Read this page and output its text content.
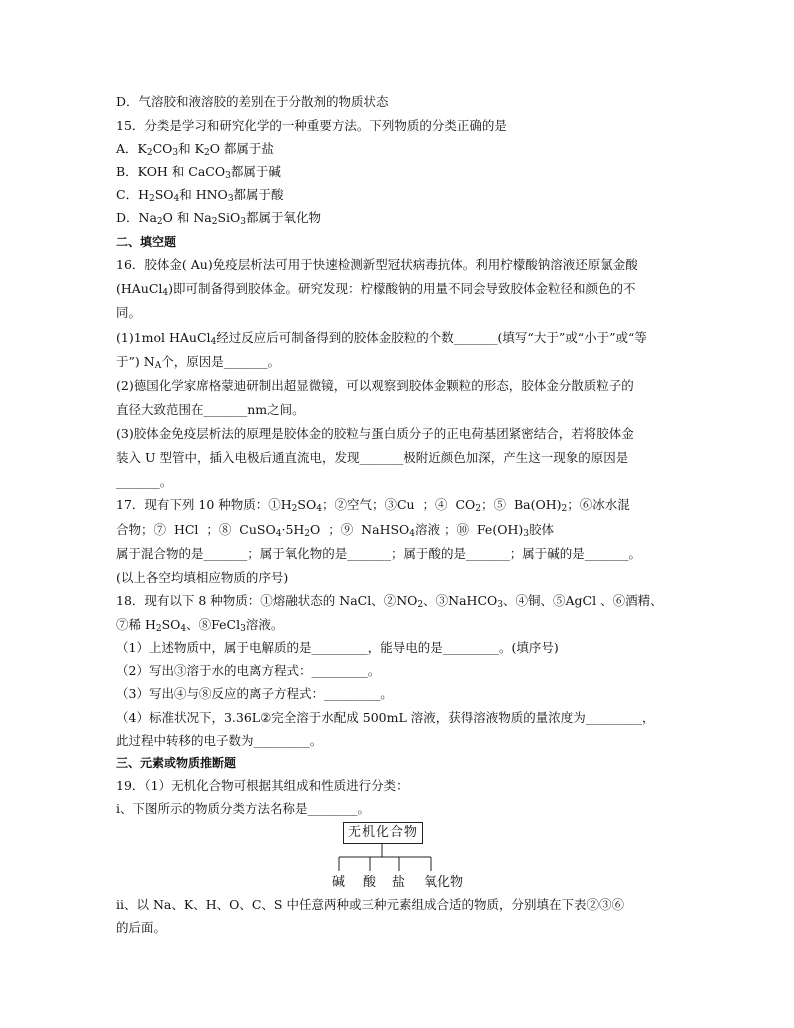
D．气溶胶和液溶胶的差别在于分散剂的物质状态
15．分类是学习和研究化学的一种重要方法。下列物质的分类正确的是
A．$K_2CO_3$和 $K_2O$ 都属于盐
B．KOH 和 CaCO$_3$都属于碱
C．$H_2SO_4$和 $HNO_3$都属于酸
D．$Na_2O$ 和 $Na_2SiO_3$都属于氧化物
二、填空题
16．胶体金( Au)免疫层析法可用于快速检测新型冠状病毒抗体。利用柠檬酸钠溶液还原氯金酸
(HAuCl$_4$)即可制备得到胶体金。研究发现：柠檬酸钠的用量不同会导致胶体金粒径和颜色的不
同。
(1)1mol HAuCl$_4$经过反应后可制备得到的胶体金胶粒的个数_______(填写“大于”或“小于”或“等
于”) $N_A$个，原因是_______。
(2)德国化学家席格蒙迪研制出超显微镜，可以观察到胶体金颗粒的形态，胶体金分散质粒子的
直径大致范围在_______nm之间。
(3)胶体金免疫层析法的原理是胶体金的胶粒与蛋白质分子的正电荷基团紧密结合，若将胶体金
装入 U 型管中，插入电极后通直流电，发现_______极附近颜色加深，产生这一现象的原因是
_______。
17．现有下列 10 种物质：$①H_2SO_4$；②空气；③Cu  ；④  $CO_2$；⑤  $Ba(OH)_2$；⑥冰水混
合物；⑦  HCl  ；⑧  $CuSO_4\cdot 5H_2O$  ；⑨  NaHSO$_4$溶液 ；⑩  $Fe(OH)_3$胶体
属于混合物的是_______；属于氧化物的是_______；属于酸的是_______；属于碱的是_______。
(以上各空均填相应物质的序号)
18．现有以下 8 种物质：①熔融状态的 NaCl、$②NO_2$、③NaHCO$_3$、④铜、⑤AgCl 、⑥酒精、
⑦稀 $H_2SO_4$、⑧FeCl$_3$溶液。
（1）上述物质中，属于电解质的是_________，能导电的是_________。(填序号)
（2）写出③溶于水的电离方程式：_________。
（3）写出④与⑧反应的离子方程式：_________。
（4）标准状况下，3.36L②完全溶于水配成 500mL 溶液，获得溶液物质的量浓度为_________，
此过程中转移的电子数为_________。
三、元素或物质推断题
19．（1）无机化合物可根据其组成和性质进行分类：
ⅰ、下图所示的物质分类方法名称是________。
无机化合物
碱 酸 盐 氧化物
ⅱ、以 Na、K、H、O、C、S 中任意两种或三种元素组成合适的物质，分别填在下表②③⑥
的后面。
